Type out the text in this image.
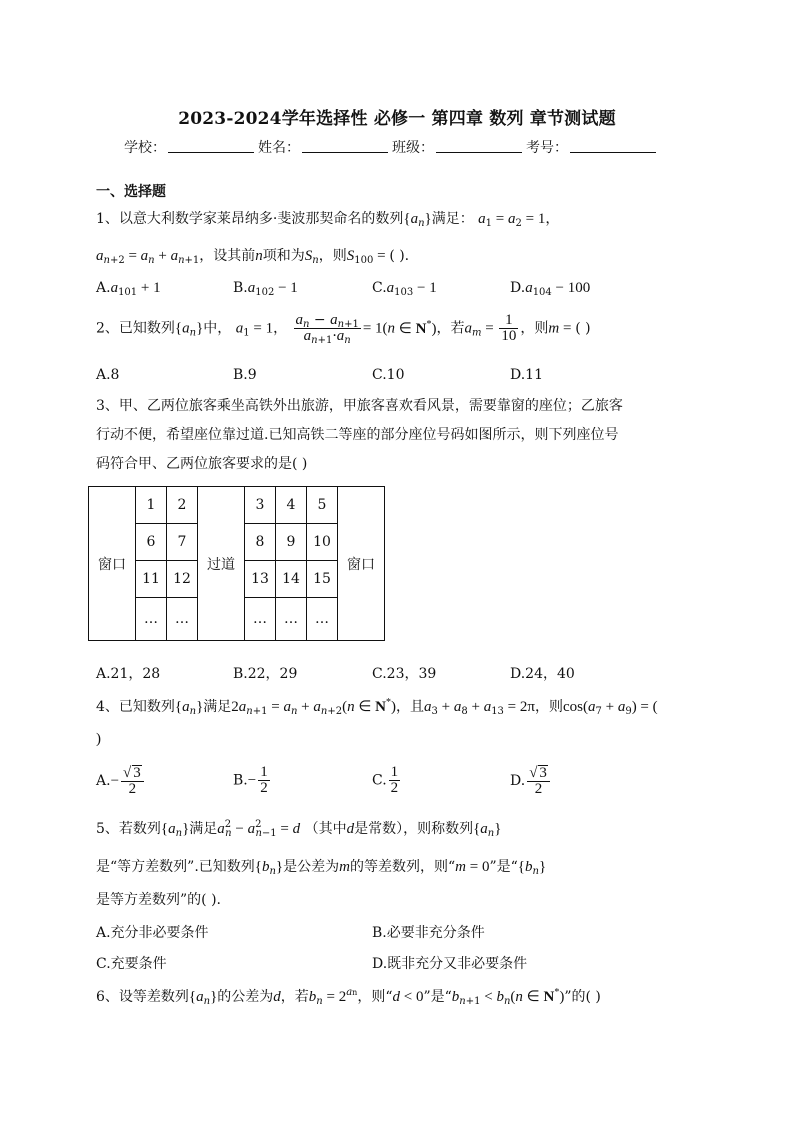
2023-2024学年选择性 必修一 第四章 数列 章节测试题
学校：	姓名：	班级：	考号：
一、选择题
1、以意大利数学家莱昂纳多·斐波那契命名的数列$\{a_n\}$满足： $a_1 = a_2 = 1$，
$a_{n+2} = a_n + a_{n+1}$，设其前n项和为$S_n$，则$S_{100}$ = ( ).
$A.a_{101} + 1$	$B.a_{102} - 1$	$C.a_{103} - 1$	$D.a_{104} - 100$
2、已知数列$\{a_n\}$中， $a_1 = 1$， $\frac{a_n - a_{n+1}}{a_{n+1}\cdot a_n} = 1(n$ ∈ N*)，若$a_m = \frac{1}{10}$ ，则m = ( )
A.8	B.9	C.10	D.11
3、甲、乙两位旅客乘坐高铁外出旅游，甲旅客喜欢看风景，需要靠窗的座位；乙旅客
行动不便，希望座位靠过道.已知高铁二等座的部分座位号码如图所示，则下列座位号
码符合甲、乙两位旅客要求的是( )
窗口	1	2	过道	3	4	5	窗口
	6	7		8	9	10	
	11	12		13	14	15	
	…	…		…	…	…	
A.21，28	B.22，29	C.23，39	D.24，40
4、已知数列$\{a_n\}$满足$2a_{n+1} = a_n + a_{n+2}(n$ ∈ N*)，且$a_3 + a_8 + a_{13} = 2\pi$，则$\cos(a_7 + a_9)$ = (
)
$A.- \frac{√ 3}{2}$	$B.- \frac{1}{2}$	C. $\frac{1}{2}$	D. $\frac{√ 3}{2}$
5、若数列$\{a_n\}$满足$a^2_n - a^2_{n-1} = d$ （其中d是常数），则称数列$\{a_n\}$
是“等方差数列”.已知数列$\{b_n\}$是公差为m的等差数列，则“m = 0”是“$\{b_n\}$
是等方差数列”的( ).
A.充分非必要条件	B.必要非充分条件
C.充要条件	D.既非充分又非必要条件
6、设等差数列$\{a_n\}$的公差为d，若$b_n = 2^{an}$，则“d < 0”是“$b_{n+1} < b_n(n$ ∈ N*)”的( )
